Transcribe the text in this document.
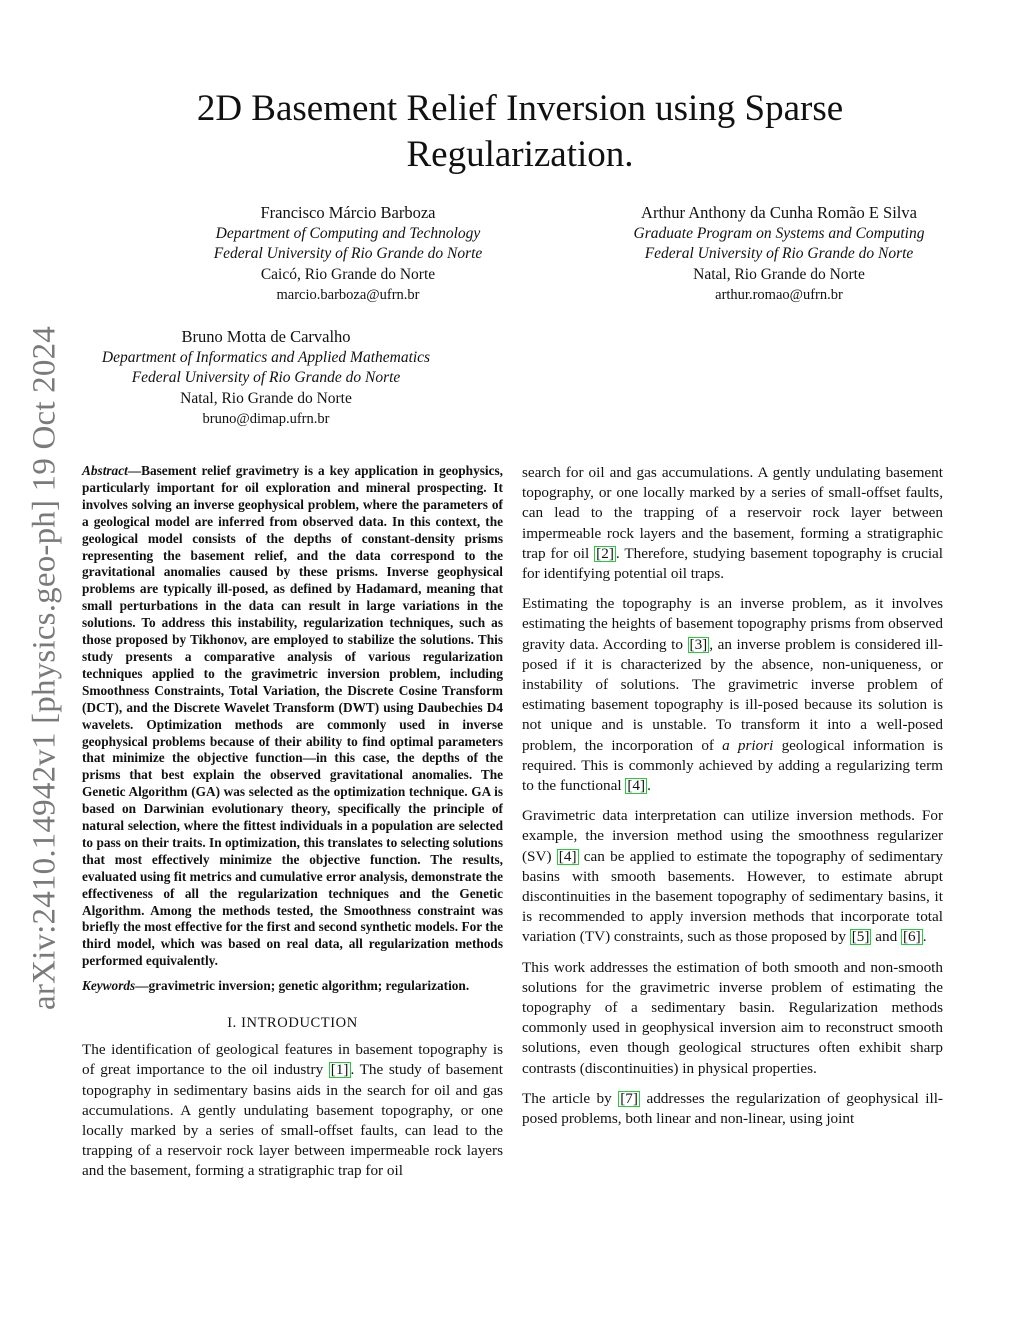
arXiv:2410.14942v1 [physics.geo-ph] 19 Oct 2024
2D Basement Relief Inversion using Sparse Regularization.
Francisco Márcio Barboza
Department of Computing and Technology
Federal University of Rio Grande do Norte
Caicó, Rio Grande do Norte
marcio.barboza@ufrn.br
Arthur Anthony da Cunha Romão E Silva
Graduate Program on Systems and Computing
Federal University of Rio Grande do Norte
Natal, Rio Grande do Norte
arthur.romao@ufrn.br
Bruno Motta de Carvalho
Department of Informatics and Applied Mathematics
Federal University of Rio Grande do Norte
Natal, Rio Grande do Norte
bruno@dimap.ufrn.br

Abstract—Basement relief gravimetry is a key application in geophysics, particularly important for oil exploration and mineral prospecting. It involves solving an inverse geophysical problem, where the parameters of a geological model are inferred from observed data. In this context, the geological model consists of the depths of constant-density prisms representing the basement relief, and the data correspond to the gravitational anomalies caused by these prisms. Inverse geophysical problems are typically ill-posed, as defined by Hadamard, meaning that small perturbations in the data can result in large variations in the solutions. To address this instability, regularization techniques, such as those proposed by Tikhonov, are employed to stabilize the solutions. This study presents a comparative analysis of various regularization techniques applied to the gravimetric inversion problem, including Smoothness Constraints, Total Variation, the Discrete Cosine Transform (DCT), and the Discrete Wavelet Transform (DWT) using Daubechies D4 wavelets. Optimization methods are commonly used in inverse geophysical problems because of their ability to find optimal parameters that minimize the objective function—in this case, the depths of the prisms that best explain the observed gravitational anomalies. The Genetic Algorithm (GA) was selected as the optimization technique. GA is based on Darwinian evolutionary theory, specifically the principle of natural selection, where the fittest individuals in a population are selected to pass on their traits. In optimization, this translates to selecting solutions that most effectively minimize the objective function. The results, evaluated using fit metrics and cumulative error analysis, demonstrate the effectiveness of all the regularization techniques and the Genetic Algorithm. Among the methods tested, the Smoothness constraint was briefly the most effective for the first and second synthetic models. For the third model, which was based on real data, all regularization methods performed equivalently.

Keywords—gravimetric inversion; genetic algorithm; regularization.

I. INTRODUCTION

The identification of geological features in basement topography is of great importance to the oil industry [1] . The study of basement topography in sedimentary basins aids in the search for oil and gas accumulations. A gently undulating basement topography, or one locally marked by a series of small-offset faults, can lead to the trapping of a reservoir rock layer between impermeable rock layers and the basement, forming a stratigraphic trap for oil

search for oil and gas accumulations. A gently undulating basement topography, or one locally marked by a series of small-offset faults, can lead to the trapping of a reservoir rock layer between impermeable rock layers and the basement, forming a stratigraphic trap for oil [2] . Therefore, studying basement topography is crucial for identifying potential oil traps.

Estimating the topography is an inverse problem, as it involves estimating the heights of basement topography prisms from observed gravity data. According to [3] , an inverse problem is considered ill-posed if it is characterized by the absence, non-uniqueness, or instability of solutions. The gravimetric inverse problem of estimating basement topography is ill-posed because its solution is not unique and is unstable. To transform it into a well-posed problem, the incorporation of a priori geological information is required. This is commonly achieved by adding a regularizing term to the functional [4] .

Gravimetric data interpretation can utilize inversion methods. For example, the inversion method using the smoothness regularizer (SV) [4] can be applied to estimate the topography of sedimentary basins with smooth basements. However, to estimate abrupt discontinuities in the basement topography of sedimentary basins, it is recommended to apply inversion methods that incorporate total variation (TV) constraints, such as those proposed by [5] and [6] .

This work addresses the estimation of both smooth and non-smooth solutions for the gravimetric inverse problem of estimating the topography of a sedimentary basin. Regularization methods commonly used in geophysical inversion aim to reconstruct smooth solutions, even though geological structures often exhibit sharp contrasts (discontinuities) in physical properties.

The article by [7] addresses the regularization of geophysical ill-posed problems, both linear and non-linear, using joint
